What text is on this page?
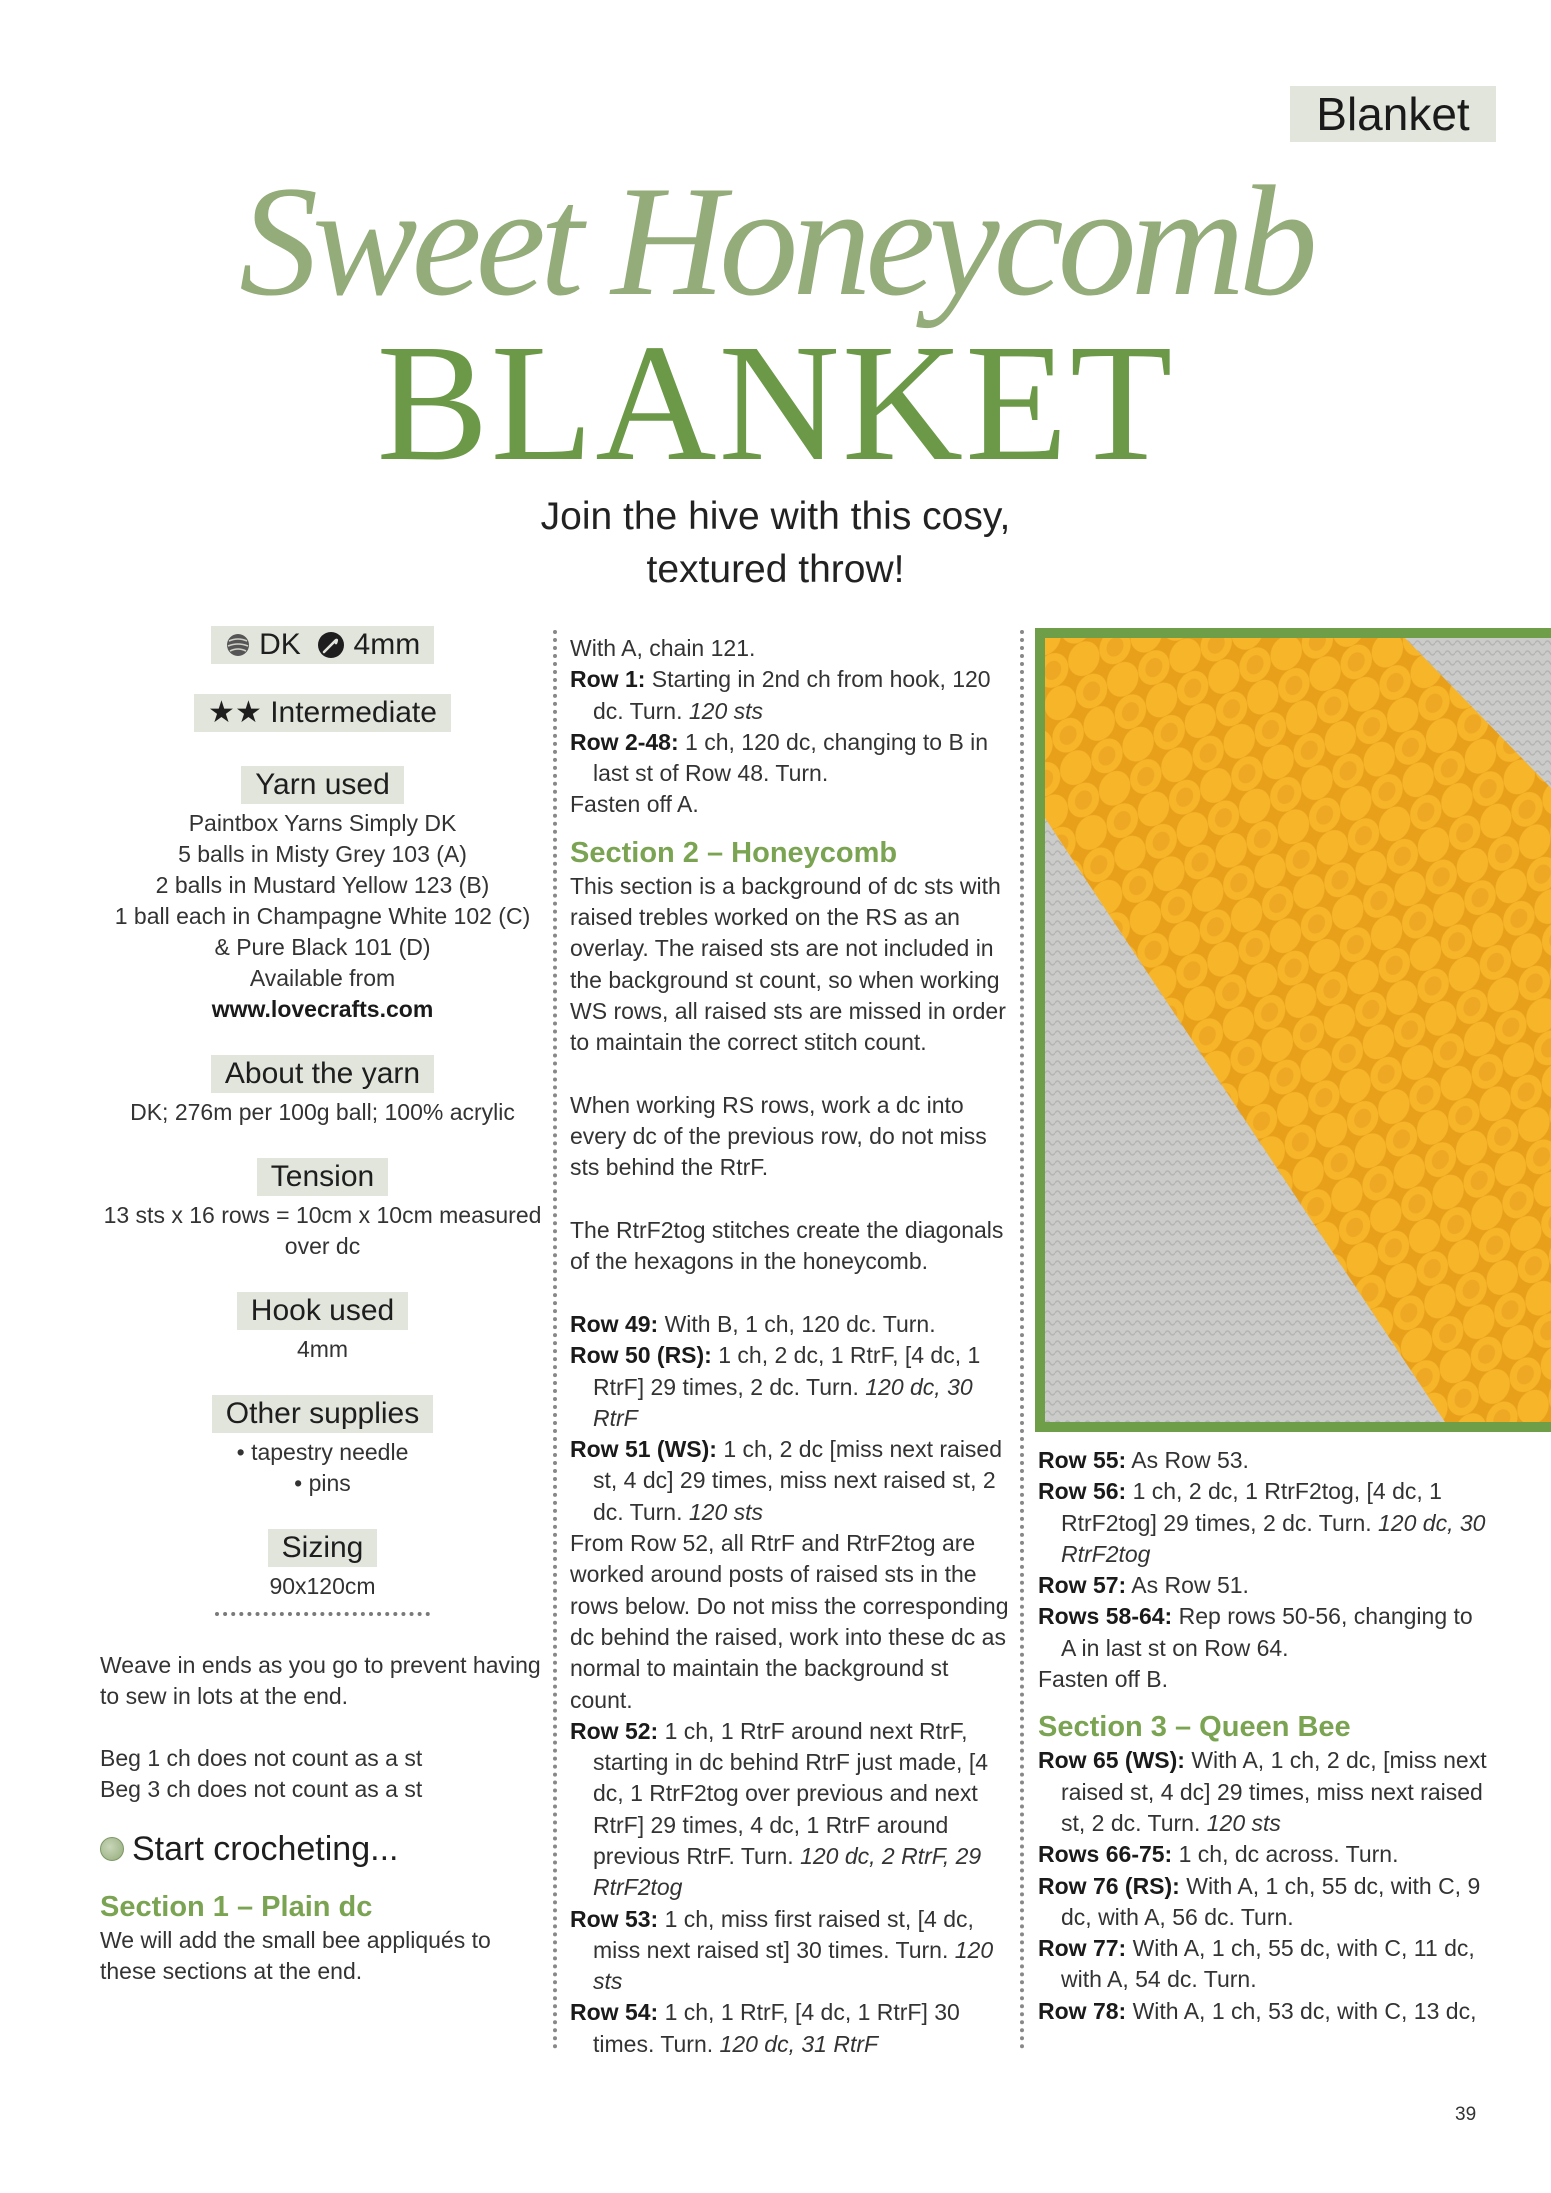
Blanket
Sweet Honeycomb
BLANKET
Join the hive with this cosy,
textured throw!
DK 4mm
★★ Intermediate
Yarn used

Paintbox Yarns Simply DK

5 balls in Misty Grey 103 (A)

2 balls in Mustard Yellow 123 (B)

1 ball each in Champagne White 102 (C)

& Pure Black 101 (D)

Available from

www.lovecrafts.com

About the yarn

DK; 276m per 100g ball; 100% acrylic

Tension

13 sts x 16 rows = 10cm x 10cm measured

over dc

Hook used

4mm

Other supplies

• tapestry needle

• pins

Sizing

90x120cm

Weave in ends as you go to prevent having

to sew in lots at the end.

Beg 1 ch does not count as a st

Beg 3 ch does not count as a st

Start crocheting...
Section 1 – Plain dc

We will add the small bee appliqués to

these sections at the end.

With A, chain 121.

Row 1: Starting in 2nd ch from hook, 120 dc. Turn. 120 sts

Row 2-48: 1 ch, 120 dc, changing to B in last st of Row 48. Turn.

Fasten off A.

Section 2 – Honeycomb

This section is a background of dc sts with raised trebles worked on the RS as an overlay. The raised sts are not included in the background st count, so when working WS rows, all raised sts are missed in order to maintain the correct stitch count.

When working RS rows, work a dc into every dc of the previous row, do not miss sts behind the RtrF.

The RtrF2tog stitches create the diagonals of the hexagons in the honeycomb.

Row 49: With B, 1 ch, 120 dc. Turn.

Row 50 (RS): 1 ch, 2 dc, 1 RtrF, [4 dc, 1 RtrF] 29 times, 2 dc. Turn. 120 dc, 30 RtrF

Row 51 (WS): 1 ch, 2 dc [miss next raised st, 4 dc] 29 times, miss next raised st, 2 dc. Turn. 120 sts

From Row 52, all RtrF and RtrF2tog are worked around posts of raised sts in the rows below. Do not miss the corresponding dc behind the raised, work into these dc as normal to maintain the background st count.

Row 52: 1 ch, 1 RtrF around next RtrF, starting in dc behind RtrF just made, [4 dc, 1 RtrF2tog over previous and next RtrF] 29 times, 4 dc, 1 RtrF around previous RtrF. Turn. 120 dc, 2 RtrF, 29 RtrF2tog

Row 53: 1 ch, miss first raised st, [4 dc, miss next raised st] 30 times. Turn. 120 sts

Row 54: 1 ch, 1 RtrF, [4 dc, 1 RtrF] 30 times. Turn. 120 dc, 31 RtrF

Row 55: As Row 53.

Row 56: 1 ch, 2 dc, 1 RtrF2tog, [4 dc, 1 RtrF2tog] 29 times, 2 dc. Turn. 120 dc, 30 RtrF2tog

Row 57: As Row 51.

Rows 58-64: Rep rows 50-56, changing to A in last st on Row 64.

Fasten off B.

Section 3 – Queen Bee

Row 65 (WS): With A, 1 ch, 2 dc, [miss next raised st, 4 dc] 29 times, miss next raised st, 2 dc. Turn. 120 sts

Rows 66-75: 1 ch, dc across. Turn.

Row 76 (RS): With A, 1 ch, 55 dc, with C, 9 dc, with A, 56 dc. Turn.

Row 77: With A, 1 ch, 55 dc, with C, 11 dc, with A, 54 dc. Turn.

Row 78: With A, 1 ch, 53 dc, with C, 13 dc,

39
